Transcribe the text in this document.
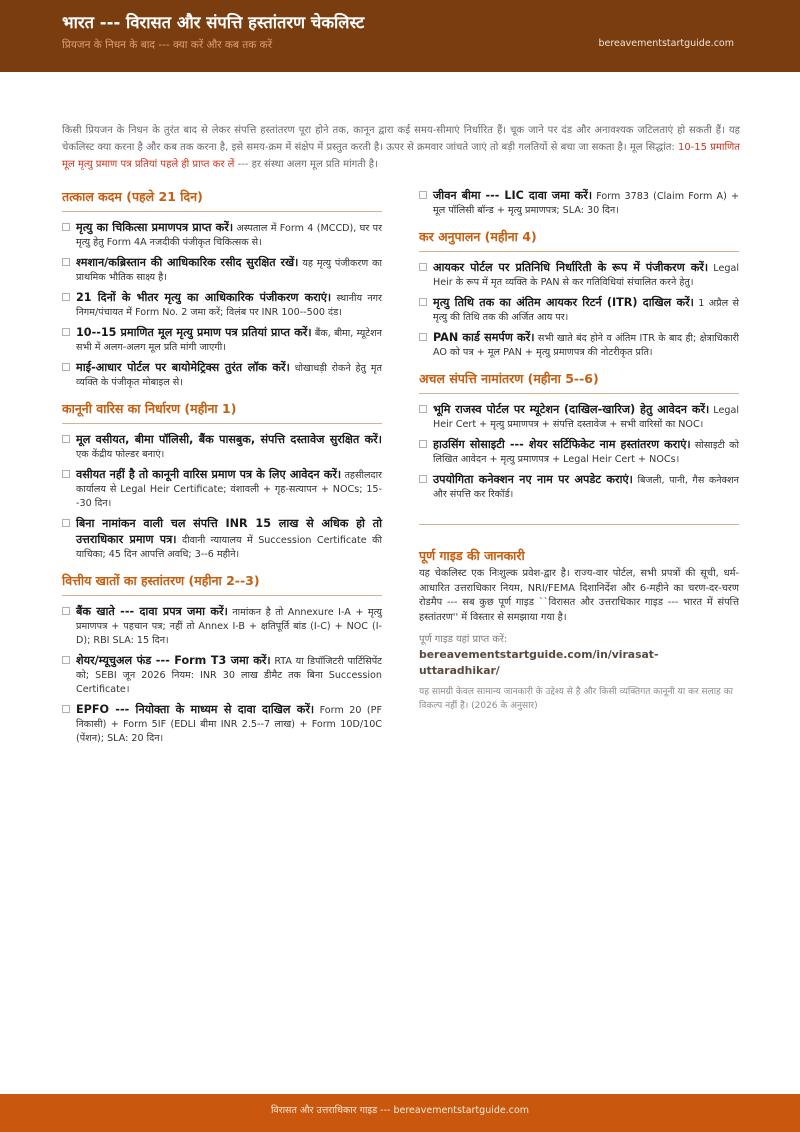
भारत --- विरासत और संपत्ति हस्तांतरण चेकलिस्ट
प्रियजन के निधन के बाद --- क्या करें और कब तक करें	bereavementstartguide.com

किसी प्रियजन के निधन के तुरंत बाद से लेकर संपत्ति हस्तांतरण पूरा होने तक, कानून द्वारा कई समय-सीमाएं निर्धारित हैं। चूक जाने पर दंड और अनावश्यक जटिलताएं हो सकती हैं। यह चेकलिस्ट क्या करना है और कब तक करना है, इसे समय-क्रम में संक्षेप में प्रस्तुत करती है। ऊपर से क्रमवार जांचते जाएं तो बड़ी गलतियों से बचा जा सकता है। मूल सिद्धांत: 10-15 प्रमाणित मूल मृत्यु प्रमाण पत्र प्रतियां पहले ही प्राप्त कर लें --- हर संस्था अलग मूल प्रति मांगती है।

तत्काल कदम (पहले 21 दिन)
मृत्यु का चिकित्सा प्रमाणपत्र प्राप्त करें। अस्पताल में Form 4 (MCCD), घर पर मृत्यु हेतु Form 4A नजदीकी पंजीकृत चिकित्सक से।
श्मशान/कब्रिस्तान की आधिकारिक रसीद सुरक्षित रखें। यह मृत्यु पंजीकरण का प्राथमिक भौतिक साक्ष्य है।
21 दिनों के भीतर मृत्यु का आधिकारिक पंजीकरण कराएं। स्थानीय नगर निगम/पंचायत में Form No. 2 जमा करें; विलंब पर INR 100--500 दंड।
10--15 प्रमाणित मूल मृत्यु प्रमाण पत्र प्रतियां प्राप्त करें। बैंक, बीमा, म्यूटेशन सभी में अलग-अलग मूल प्रति मांगी जाएगी।
माई-आधार पोर्टल पर बायोमेट्रिक्स तुरंत लॉक करें। धोखाधड़ी रोकने हेतु मृत व्यक्ति के पंजीकृत मोबाइल से।
कानूनी वारिस का निर्धारण (महीना 1)
मूल वसीयत, बीमा पॉलिसी, बैंक पासबुक, संपत्ति दस्तावेज सुरक्षित करें। एक केंद्रीय फोल्डर बनाएं।
वसीयत नहीं है तो कानूनी वारिस प्रमाण पत्र के लिए आवेदन करें। तहसीलदार कार्यालय से Legal Heir Certificate; वंशावली + गृह-सत्यापन + NOCs; 15--30 दिन।
बिना नामांकन वाली चल संपत्ति INR 15 लाख से अधिक हो तो उत्तराधिकार प्रमाण पत्र। दीवानी न्यायालय में Succession Certificate की याचिका; 45 दिन आपत्ति अवधि; 3--6 महीने।
वित्तीय खातों का हस्तांतरण (महीना 2--3)
बैंक खाते --- दावा प्रपत्र जमा करें। नामांकन है तो Annexure I-A + मृत्यु प्रमाणपत्र + पहचान पत्र; नहीं तो Annex I-B + क्षतिपूर्ति बांड (I-C) + NOC (I-D); RBI SLA: 15 दिन।
शेयर/म्यूचुअल फंड --- Form T3 जमा करें। RTA या डिपॉजिटरी पार्टिसिपेंट को; SEBI जून 2026 नियम: INR 30 लाख डीमैट तक बिना Succession Certificate।
EPFO --- नियोक्ता के माध्यम से दावा दाखिल करें। Form 20 (PF निकासी) + Form 5IF (EDLI बीमा INR 2.5--7 लाख) + Form 10D/10C (पेंशन); SLA: 20 दिन।
जीवन बीमा --- LIC दावा जमा करें। Form 3783 (Claim Form A) + मूल पॉलिसी बॉन्ड + मृत्यु प्रमाणपत्र; SLA: 30 दिन।
कर अनुपालन (महीना 4)
आयकर पोर्टल पर प्रतिनिधि निर्धारिती के रूप में पंजीकरण करें। Legal Heir के रूप में मृत व्यक्ति के PAN से कर गतिविधियां संचालित करने हेतु।
मृत्यु तिथि तक का अंतिम आयकर रिटर्न (ITR) दाखिल करें। 1 अप्रैल से मृत्यु की तिथि तक की अर्जित आय पर।
PAN कार्ड समर्पण करें। सभी खाते बंद होने व अंतिम ITR के बाद ही; क्षेत्राधिकारी AO को पत्र + मूल PAN + मृत्यु प्रमाणपत्र की नोटरीकृत प्रति।
अचल संपत्ति नामांतरण (महीना 5--6)
भूमि राजस्व पोर्टल पर म्यूटेशन (दाखिल-खारिज) हेतु आवेदन करें। Legal Heir Cert + मृत्यु प्रमाणपत्र + संपत्ति दस्तावेज + सभी वारिसों का NOC।
हाउसिंग सोसाइटी --- शेयर सर्टिफिकेट नाम हस्तांतरण कराएं। सोसाइटी को लिखित आवेदन + मृत्यु प्रमाणपत्र + Legal Heir Cert + NOCs।
उपयोगिता कनेक्शन नए नाम पर अपडेट कराएं। बिजली, पानी, गैस कनेक्शन और संपत्ति कर रिकॉर्ड।
पूर्ण गाइड की जानकारी

यह चेकलिस्ट एक निःशुल्क प्रवेश-द्वार है। राज्य-वार पोर्टल, सभी प्रपत्रों की सूची, धर्म-आधारित उत्तराधिकार नियम, NRI/FEMA दिशानिर्देश और 6-महीने का चरण-दर-चरण रोडमैप --- सब कुछ पूर्ण गाइड ``विरासत और उत्तराधिकार गाइड --- भारत में संपत्ति हस्तांतरण'' में विस्तार से समझाया गया है।

पूर्ण गाइड यहां प्राप्त करें:
bereavementstartguide.com/in/virasat-uttaradhikar/
यह सामग्री केवल सामान्य जानकारी के उद्देश्य से है और किसी व्यक्तिगत कानूनी या कर सलाह का विकल्प नहीं है। (2026 के अनुसार)
विरासत और उत्तराधिकार गाइड --- bereavementstartguide.com
